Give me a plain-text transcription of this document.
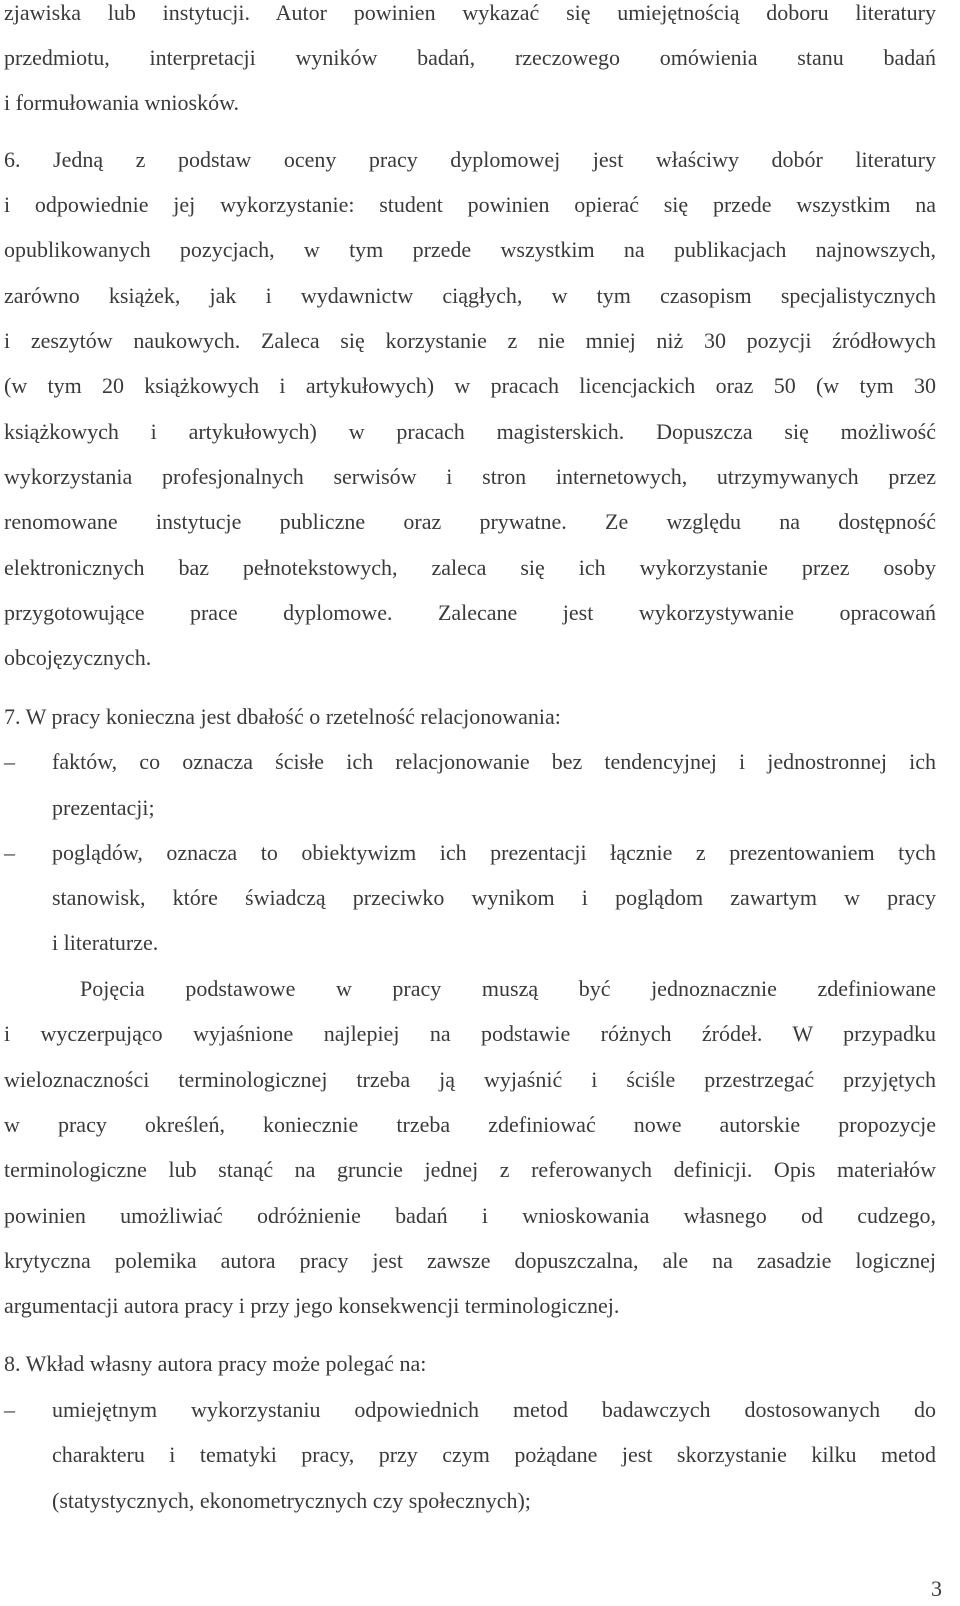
zjawiska lub instytucji. Autor powinien wykazać się umiejętnością doboru literatury
przedmiotu, interpretacji wyników badań, rzeczowego omówienia stanu badań
i formułowania wniosków.
6. Jedną z podstaw oceny pracy dyplomowej jest właściwy dobór literatury
i odpowiednie jej wykorzystanie: student powinien opierać się przede wszystkim na
opublikowanych pozycjach, w tym przede wszystkim na publikacjach najnowszych,
zarówno książek, jak i wydawnictw ciągłych, w tym czasopism specjalistycznych
i zeszytów naukowych. Zaleca się korzystanie z nie mniej niż 30 pozycji źródłowych
(w tym 20 książkowych i artykułowych) w pracach licencjackich oraz 50 (w tym 30
książkowych i artykułowych) w pracach magisterskich. Dopuszcza się możliwość
wykorzystania profesjonalnych serwisów i stron internetowych, utrzymywanych przez
renomowane instytucje publiczne oraz prywatne. Ze względu na dostępność
elektronicznych baz pełnotekstowych, zaleca się ich wykorzystanie przez osoby
przygotowujące prace dyplomowe. Zalecane jest wykorzystywanie opracowań
obcojęzycznych.
7. W pracy konieczna jest dbałość o rzetelność relacjonowania:
–	faktów, co oznacza ścisłe ich relacjonowanie bez tendencyjnej i jednostronnej ich
prezentacji;
–	poglądów, oznacza to obiektywizm ich prezentacji łącznie z prezentowaniem tych
stanowisk, które świadczą przeciwko wynikom i poglądom zawartym w pracy
i literaturze.
Pojęcia podstawowe w pracy muszą być jednoznacznie zdefiniowane
i wyczerpująco wyjaśnione najlepiej na podstawie różnych źródeł. W przypadku
wieloznaczności terminologicznej trzeba ją wyjaśnić i ściśle przestrzegać przyjętych
w pracy określeń, koniecznie trzeba zdefiniować nowe autorskie propozycje
terminologiczne lub stanąć na gruncie jednej z referowanych definicji. Opis materiałów
powinien umożliwiać odróżnienie badań i wnioskowania własnego od cudzego,
krytyczna polemika autora pracy jest zawsze dopuszczalna, ale na zasadzie logicznej
argumentacji autora pracy i przy jego konsekwencji terminologicznej.
8. Wkład własny autora pracy może polegać na:
–	umiejętnym wykorzystaniu odpowiednich metod badawczych dostosowanych do
charakteru i tematyki pracy, przy czym pożądane jest skorzystanie kilku metod
(statystycznych, ekonometrycznych czy społecznych);
3
